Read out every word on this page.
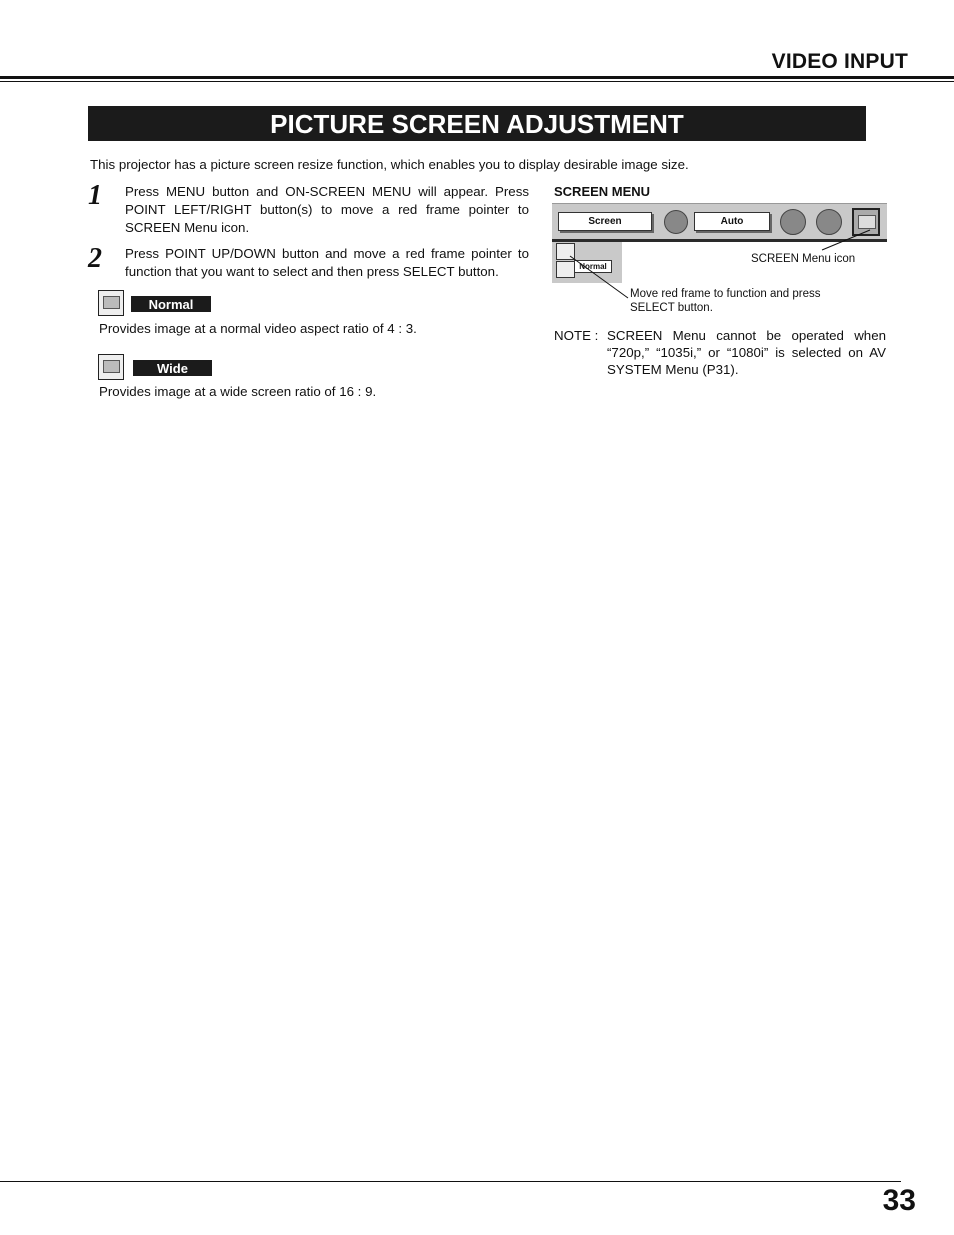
VIDEO INPUT
PICTURE SCREEN ADJUSTMENT
This projector has a picture screen resize function, which enables you to display desirable image size.
1 Press MENU button and ON-SCREEN MENU will appear. Press POINT LEFT/RIGHT button(s) to move a red frame pointer to SCREEN Menu icon.
2 Press POINT UP/DOWN button and move a red frame pointer to function that you want to select and then press SELECT button.
Normal
Provides image at a normal video aspect ratio of 4 : 3.
Wide
Provides image at a wide screen ratio of 16 : 9.
SCREEN MENU
Screen	Auto
Normal
SCREEN Menu icon
Move red frame to function and press SELECT button.
NOTE : SCREEN Menu cannot be operated when “720p,” “1035i,” or “1080i” is selected on AV SYSTEM Menu (P31).
33
